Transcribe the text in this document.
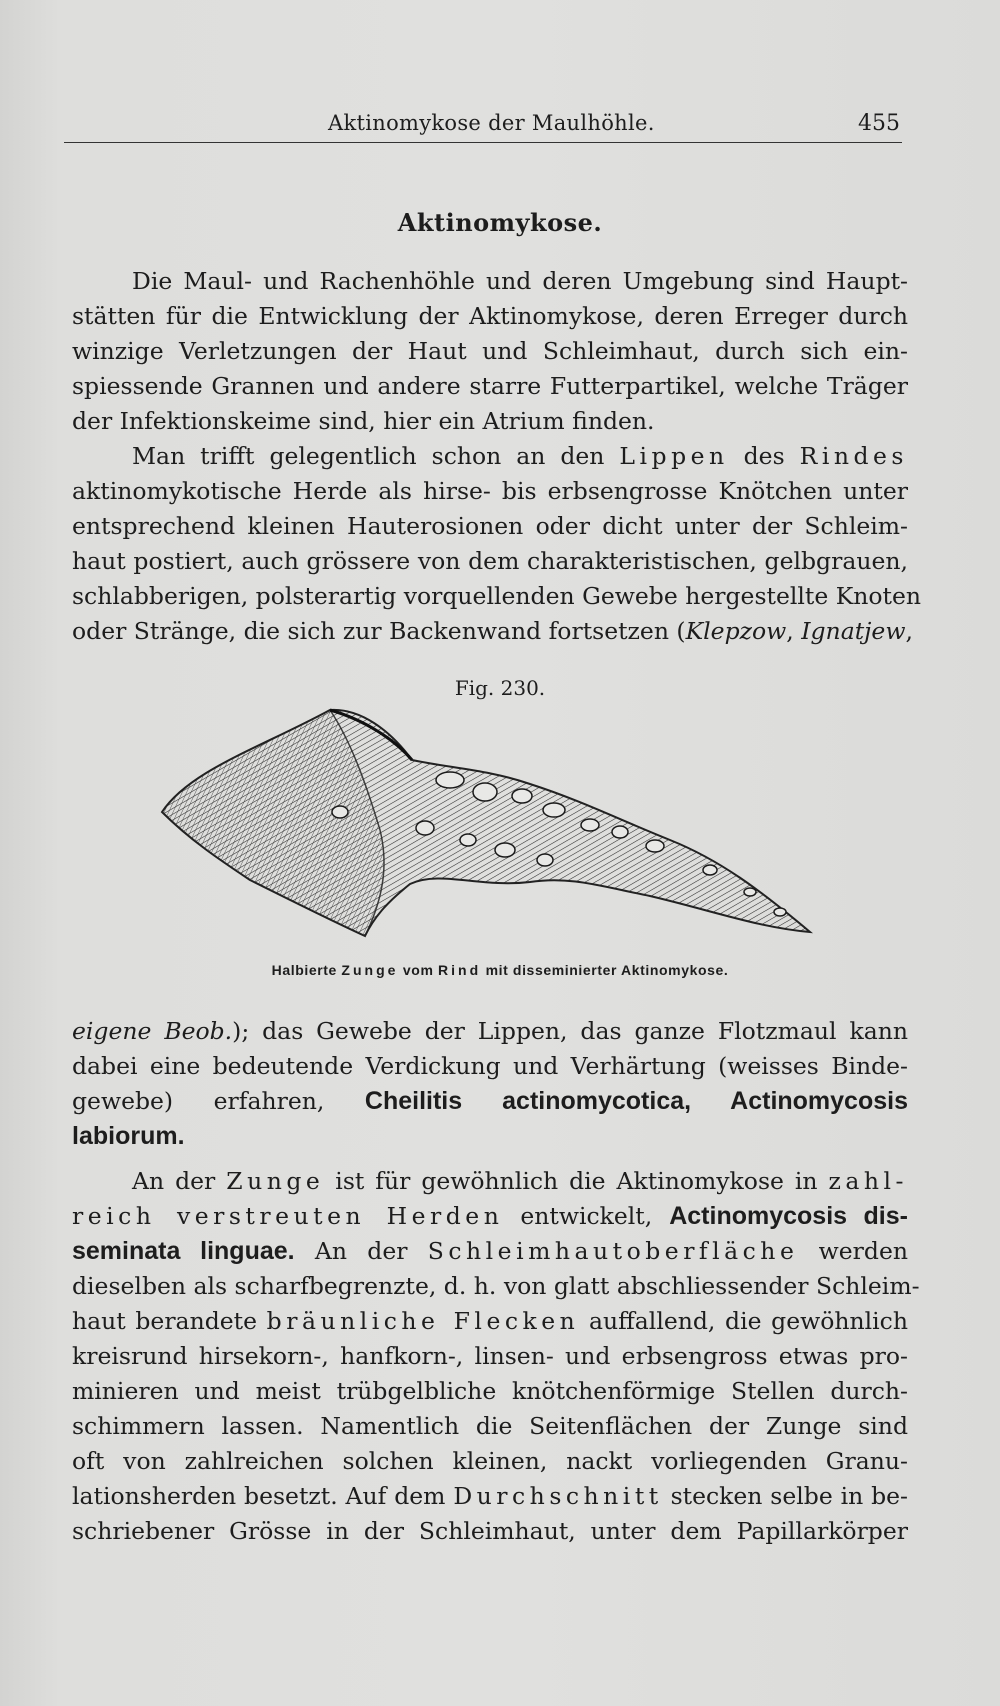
Aktinomykose der Maulhöhle.	455
Aktinomykose.
Die Maul- und Rachenhöhle und deren Umgebung sind Haupt-
stätten für die Entwicklung der Aktinomykose, deren Erreger durch
winzige Verletzungen der Haut und Schleimhaut, durch sich ein-
spiessende Grannen und andere starre Futterpartikel, welche Träger
der Infektionskeime sind, hier ein Atrium finden.
Man trifft gelegentlich schon an den Lippen des Rindes
aktinomykotische Herde als hirse- bis erbsengrosse Knötchen unter
entsprechend kleinen Hauterosionen oder dicht unter der Schleim-
haut postiert, auch grössere von dem charakteristischen, gelbgrauen,
schlabberigen, polsterartig vorquellenden Gewebe hergestellte Knoten
oder Stränge, die sich zur Backenwand fortsetzen (Klepzow, Ignatjew,
Fig. 230.
Halbierte Zunge vom Rind mit disseminierter Aktinomykose.
eigene Beob.); das Gewebe der Lippen, das ganze Flotzmaul kann
dabei eine bedeutende Verdickung und Verhärtung (weisses Binde-
gewebe) erfahren, Cheilitis actinomycotica, Actinomycosis
labiorum.
An der Zunge ist für gewöhnlich die Aktinomykose in zahl-
reich verstreuten Herden entwickelt, Actinomycosis dis-
seminata linguae. An der Schleimhautoberfläche werden
dieselben als scharfbegrenzte, d. h. von glatt abschliessender Schleim-
haut berandete bräunliche Flecken auffallend, die gewöhnlich
kreisrund hirsekorn-, hanfkorn-, linsen- und erbsengross etwas pro-
minieren und meist trübgelbliche knötchenförmige Stellen durch-
schimmern lassen. Namentlich die Seitenflächen der Zunge sind
oft von zahlreichen solchen kleinen, nackt vorliegenden Granu-
lationsherden besetzt. Auf dem Durchschnitt stecken selbe in be-
schriebener Grösse in der Schleimhaut, unter dem Papillarkörper
